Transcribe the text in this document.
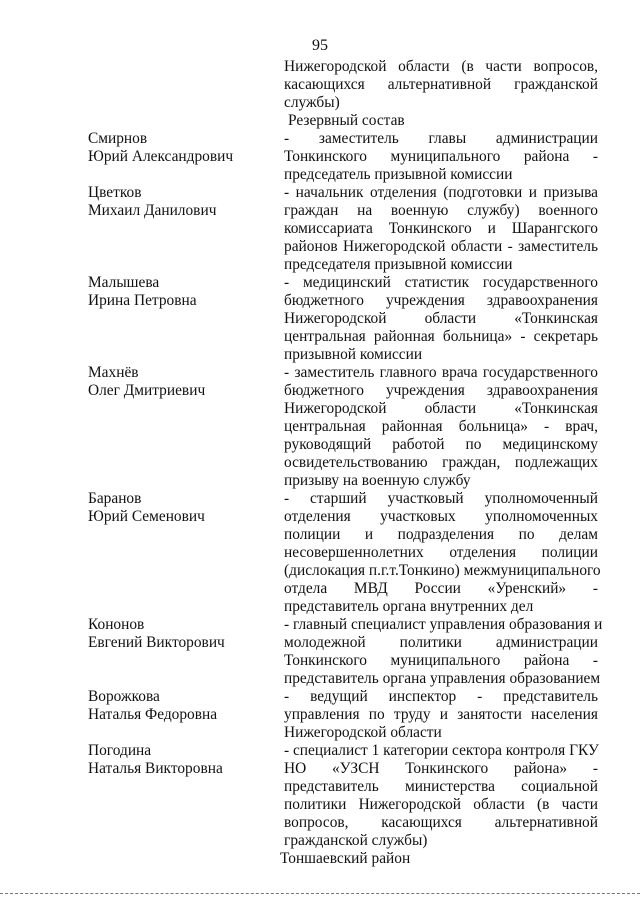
95
Нижегородской области (в части вопросов,
касающихся альтернативной гражданской
службы)
Резервный состав
Смирнов
Юрий Александрович
- заместитель главы администрации
Тонкинского муниципального района -
председатель призывной комиссии
Цветков
Михаил Данилович
- начальник отделения (подготовки и призыва
граждан на военную службу) военного
комиссариата Тонкинского и Шарангского
районов Нижегородской области - заместитель
председателя призывной комиссии
Малышева
Ирина Петровна
- медицинский статистик государственного
бюджетного учреждения здравоохранения
Нижегородской области «Тонкинская
центральная районная больница» - секретарь
призывной комиссии
Махнёв
Олег Дмитриевич
- заместитель главного врача государственного
бюджетного учреждения здравоохранения
Нижегородской области «Тонкинская
центральная районная больница» - врач,
руководящий работой по медицинскому
освидетельствованию граждан, подлежащих
призыву на военную службу
Баранов
Юрий Семенович
- старший участковый уполномоченный
отделения участковых уполномоченных
полиции и подразделения по делам
несовершеннолетних отделения полиции
(дислокация п.г.т.Тонкино) межмуниципального
отдела МВД России «Уренский» -
представитель органа внутренних дел
Кононов
Евгений Викторович
- главный специалист управления образования и
молодежной политики администрации
Тонкинского муниципального района -
представитель органа управления образованием
Ворожкова
Наталья Федоровна
- ведущий инспектор - представитель
управления по труду и занятости населения
Нижегородской области
Погодина
Наталья Викторовна
- специалист 1 категории сектора контроля ГКУ
НО «УЗСН Тонкинского района» -
представитель министерства социальной
политики Нижегородской области (в части
вопросов, касающихся альтернативной
гражданской службы)
Тоншаевский район
